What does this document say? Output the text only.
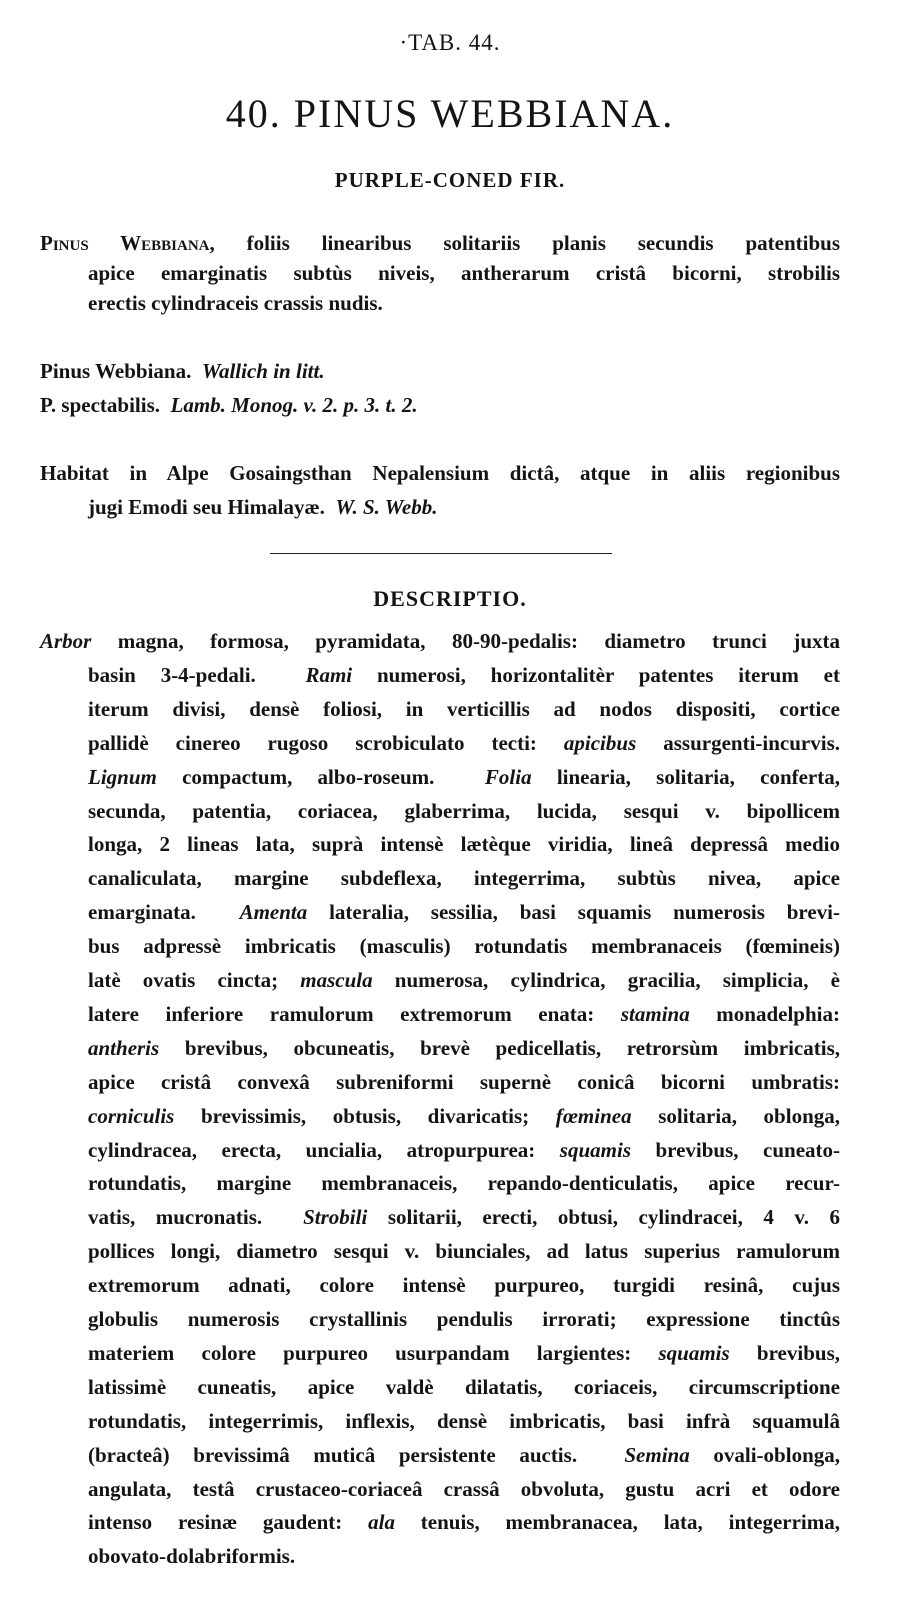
·TAB. 44.
40. PINUS WEBBIANA.
PURPLE-CONED FIR.
Pinus Webbiana, foliis linearibus solitariis planis secundis patentibus
apice emarginatis subtùs niveis, antherarum cristâ bicorni, strobilis
erectis cylindraceis crassis nudis.
Pinus Webbiana.  Wallich in litt.
P. spectabilis.  Lamb. Monog. v. 2. p. 3. t. 2.
Habitat in Alpe Gosaingsthan Nepalensium dictâ, atque in aliis regionibus
jugi Emodi seu Himalayæ.  W. S. Webb.
Arbor magna, formosa, pyramidata, 80-90-pedalis: diametro trunci juxta
basin 3-4-pedali.  Rami numerosi, horizontalitèr patentes iterum et
iterum divisi, densè foliosi, in verticillis ad nodos dispositi, cortice
pallidè cinereo rugoso scrobiculato tecti: apicibus assurgenti-incurvis.
Lignum compactum, albo-roseum.  Folia linearia, solitaria, conferta,
secunda, patentia, coriacea, glaberrima, lucida, sesqui v. bipollicem
longa, 2 lineas lata, suprà intensè lætèque viridia, lineâ depressâ medio
canaliculata, margine subdeflexa, integerrima, subtùs nivea, apice
emarginata.  Amenta lateralia, sessilia, basi squamis numerosis brevi-
bus adpressè imbricatis (masculis) rotundatis membranaceis (fœmineis)
latè ovatis cincta; mascula numerosa, cylindrica, gracilia, simplicia, è
latere inferiore ramulorum extremorum enata: stamina monadelphia:
antheris brevibus, obcuneatis, brevè pedicellatis, retrorsùm imbricatis,
apice cristâ convexâ subreniformi supernè conicâ bicorni umbratis:
corniculis brevissimis, obtusis, divaricatis; fœminea solitaria, oblonga,
cylindracea, erecta, uncialia, atropurpurea: squamis brevibus, cuneato-
rotundatis, margine membranaceis, repando-denticulatis, apice recur-
vatis, mucronatis.  Strobili solitarii, erecti, obtusi, cylindracei, 4 v. 6
pollices longi, diametro sesqui v. biunciales, ad latus superius ramulorum
extremorum adnati, colore intensè purpureo, turgidi resinâ, cujus
globulis numerosis crystallinis pendulis irrorati; expressione tinctûs
materiem colore purpureo usurpandam largientes: squamis brevibus,
latissimè cuneatis, apice valdè dilatatis, coriaceis, circumscriptione
rotundatis, integerrimis, inflexis, densè imbricatis, basi infrà squamulâ
(bracteâ) brevissimâ muticâ persistente auctis.  Semina ovali-oblonga,
angulata, testâ crustaceo-coriaceâ crassâ obvoluta, gustu acri et odore
intenso resinæ gaudent: ala tenuis, membranacea, lata, integerrima,
obovato-dolabriformis.
DESCRIPTIO.
